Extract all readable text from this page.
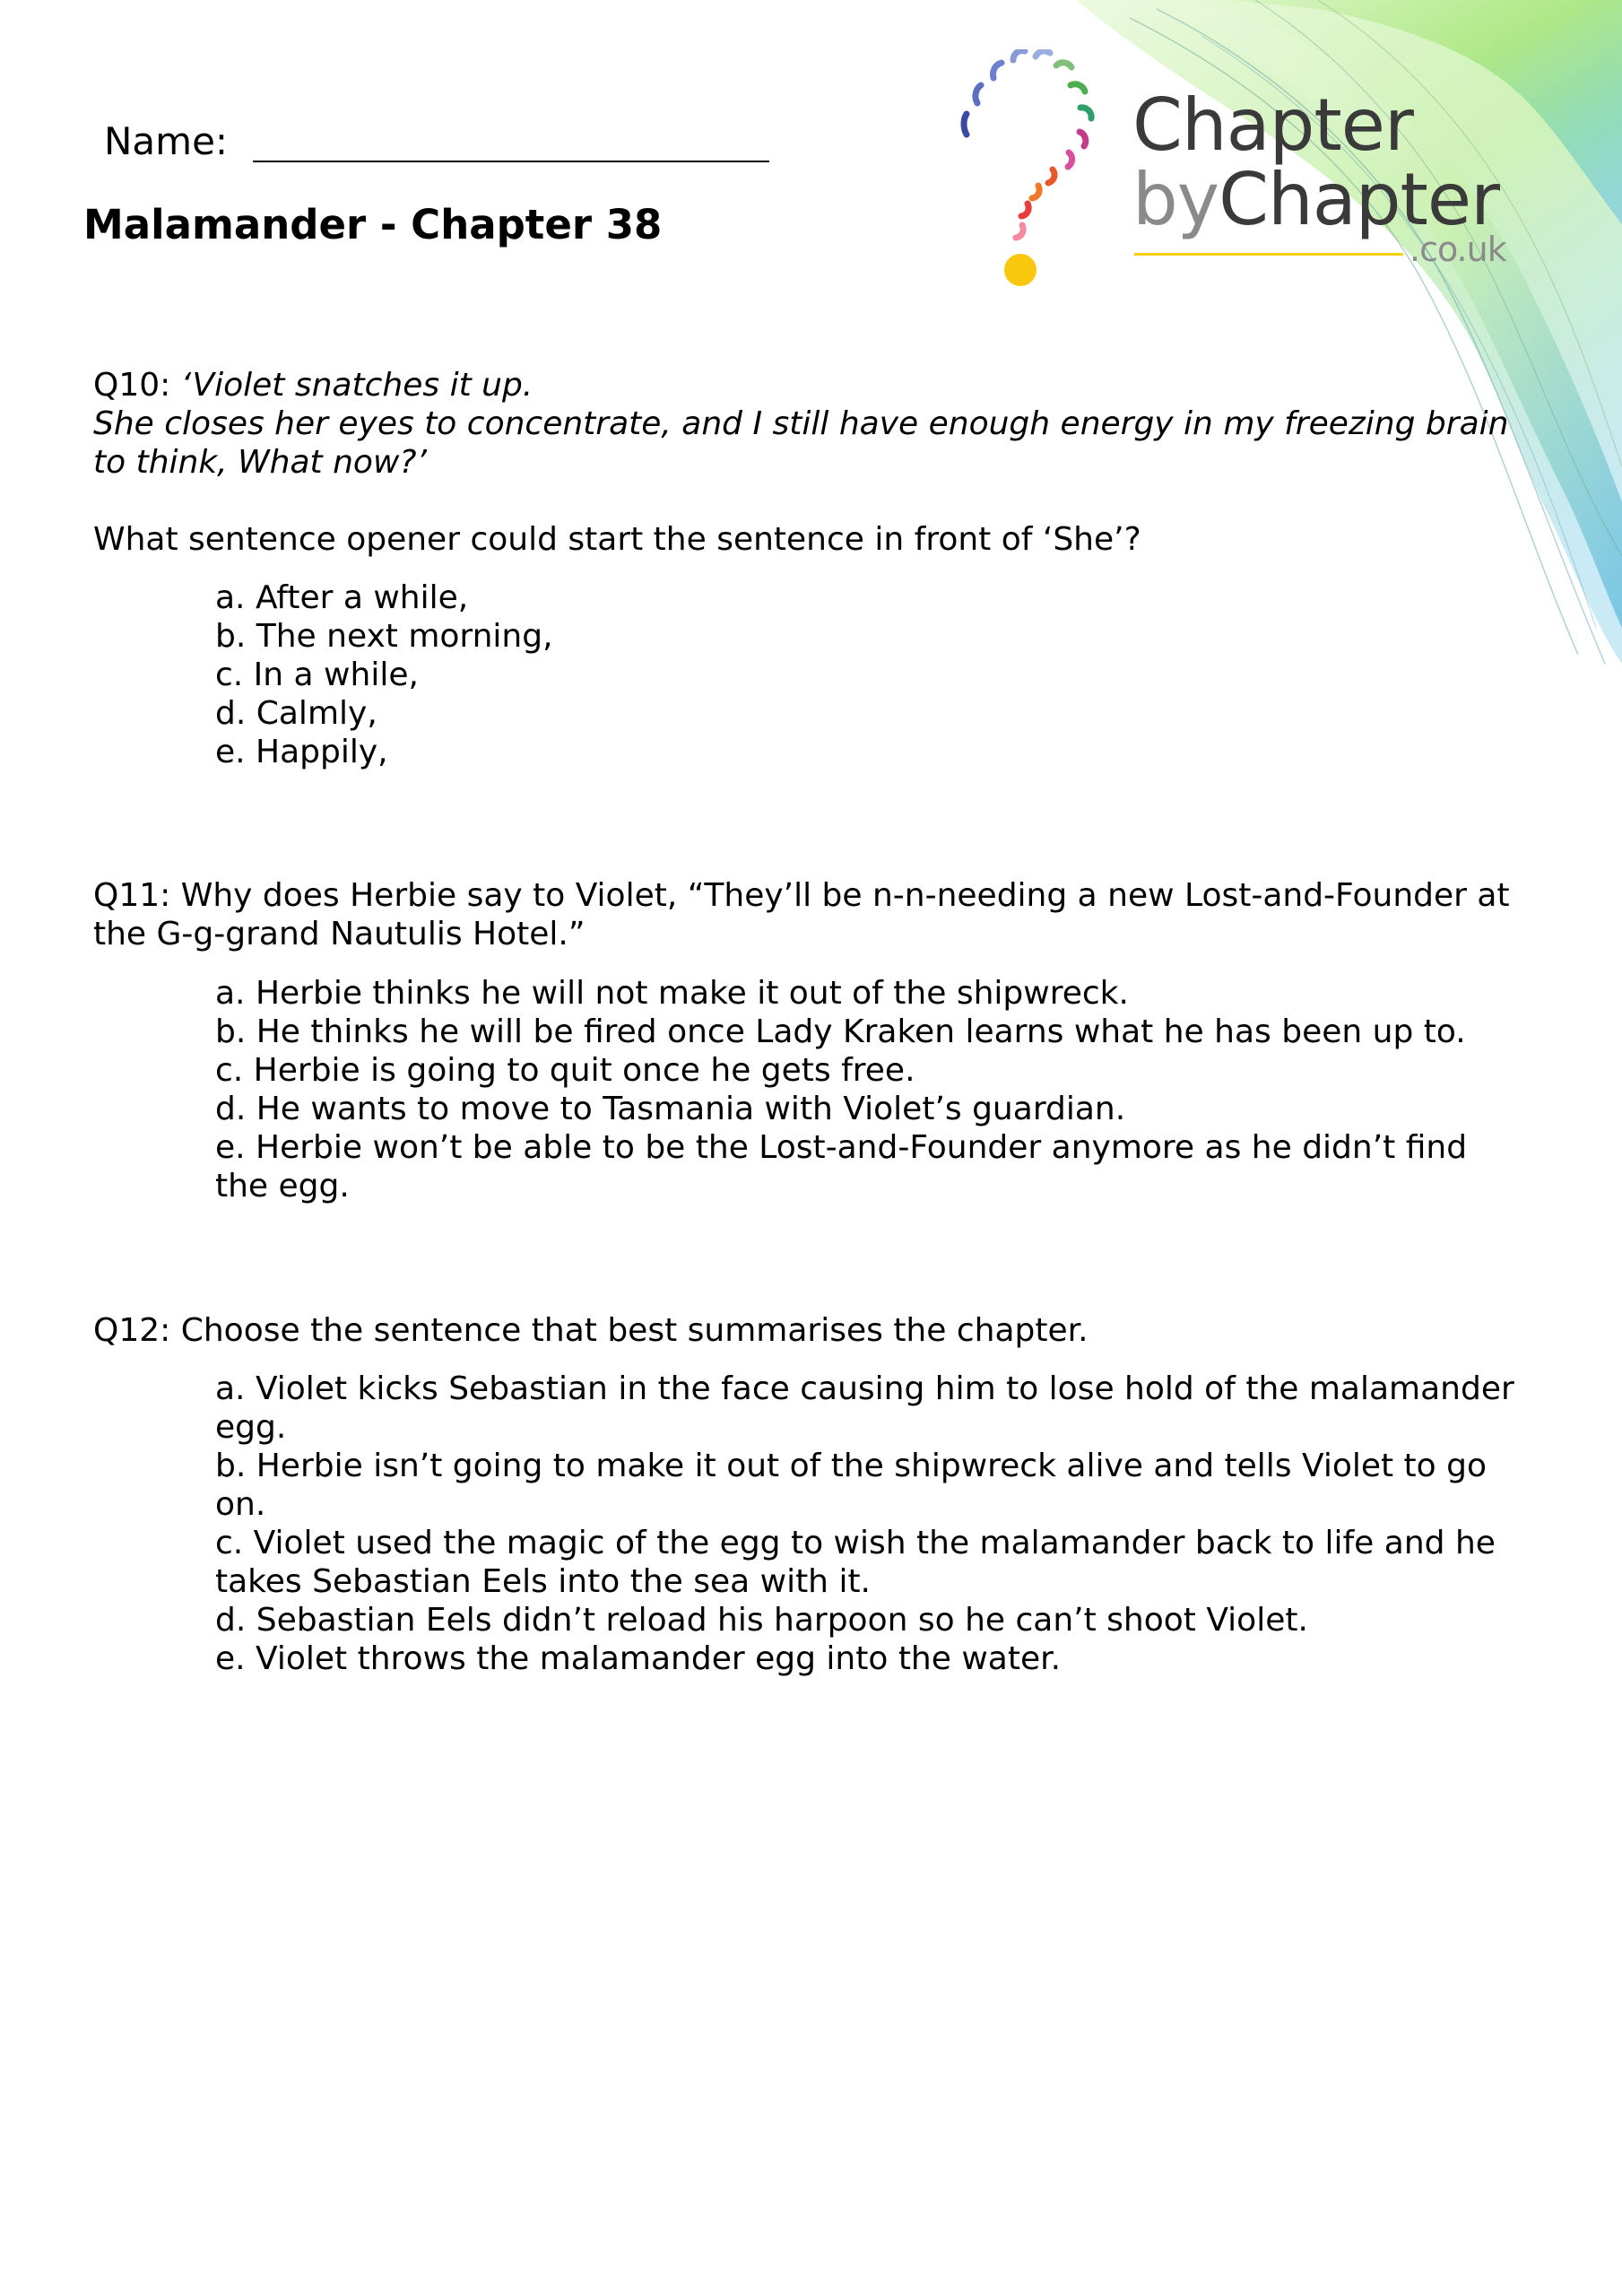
Chapter
byChapter
.co.uk
Name:
Malamander - Chapter 38
Q10: ‘Violet snatches it up.
She closes her eyes to concentrate, and I still have enough energy in my freezing brain to think, What now?’
What sentence opener could start the sentence in front of ‘She’?
a. After a while,
b. The next morning,
c. In a while,
d. Calmly,
e. Happily,
Q11: Why does Herbie say to Violet, “They’ll be n-n-needing a new Lost-and-Founder at the G-g-grand Nautulis Hotel.”
a. Herbie thinks he will not make it out of the shipwreck.
b. He thinks he will be fired once Lady Kraken learns what he has been up to.
c. Herbie is going to quit once he gets free.
d. He wants to move to Tasmania with Violet’s guardian.
e. Herbie won’t be able to be the Lost-and-Founder anymore as he didn’t find the egg.
Q12: Choose the sentence that best summarises the chapter.
a. Violet kicks Sebastian in the face causing him to lose hold of the malamander egg.
b. Herbie isn’t going to make it out of the shipwreck alive and tells Violet to go on.
c. Violet used the magic of the egg to wish the malamander back to life and he takes Sebastian Eels into the sea with it.
d. Sebastian Eels didn’t reload his harpoon so he can’t shoot Violet.
e. Violet throws the malamander egg into the water.
